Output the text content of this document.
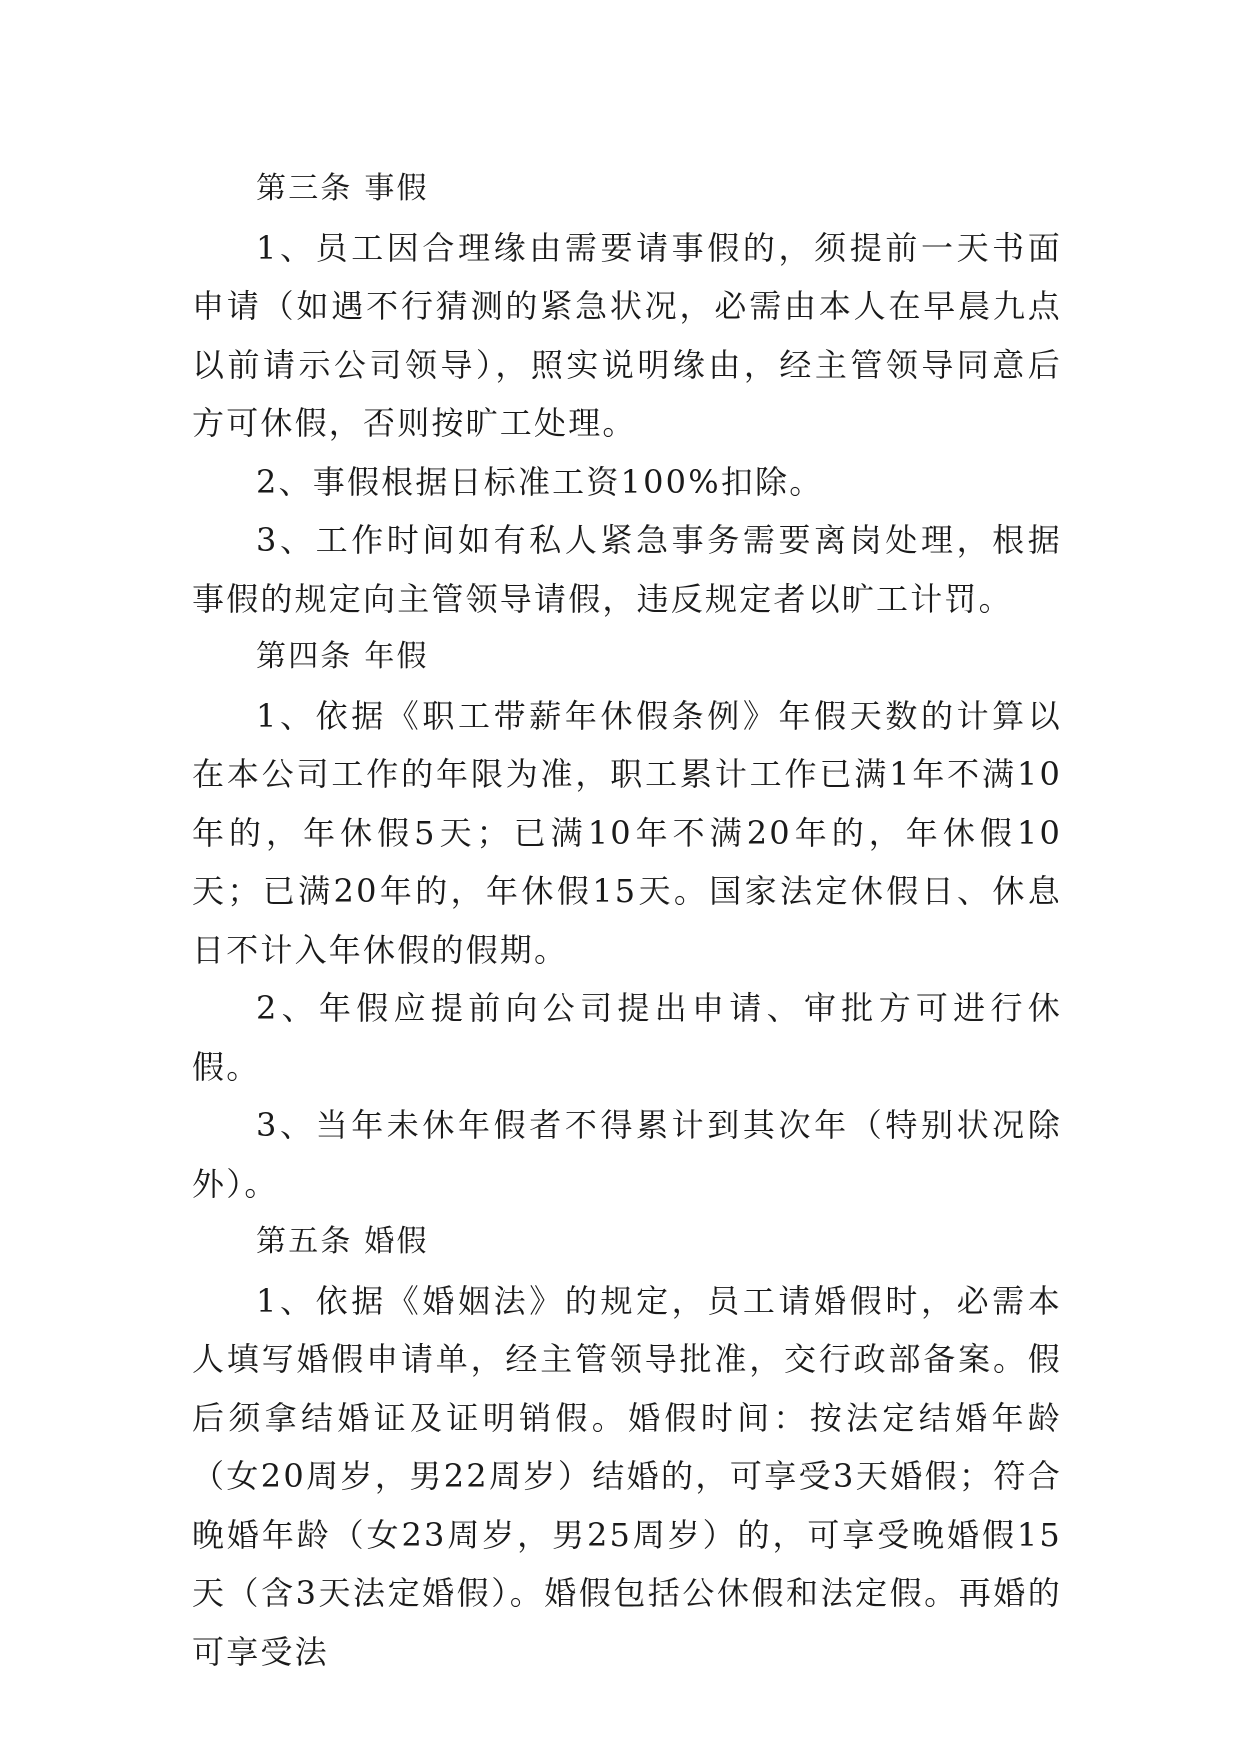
第三条 事假

1、员工因合理缘由需要请事假的，须提前一天书面申请（如遇不行猜测的紧急状况，必需由本人在早晨九点以前请示公司领导），照实说明缘由，经主管领导同意后方可休假，否则按旷工处理。

2、事假根据日标准工资100%扣除。

3、工作时间如有私人紧急事务需要离岗处理，根据事假的规定向主管领导请假，违反规定者以旷工计罚。

第四条 年假

1、依据《职工带薪年休假条例》年假天数的计算以在本公司工作的年限为准，职工累计工作已满1年不满10年的，年休假5天；已满10年不满20年的，年休假10天；已满20年的，年休假15天。国家法定休假日、休息日不计入年休假的假期。

2、年假应提前向公司提出申请、审批方可进行休假。

3、当年未休年假者不得累计到其次年（特别状况除外）。

第五条 婚假

1、依据《婚姻法》的规定，员工请婚假时，必需本人填写婚假申请单，经主管领导批准，交行政部备案。假后须拿结婚证及证明销假。婚假时间：按法定结婚年龄（女20周岁，男22周岁）结婚的，可享受3天婚假；符合晚婚年龄（女23周岁，男25周岁）的，可享受晚婚假15天（含3天法定婚假）。婚假包括公休假和法定假。再婚的可享受法
